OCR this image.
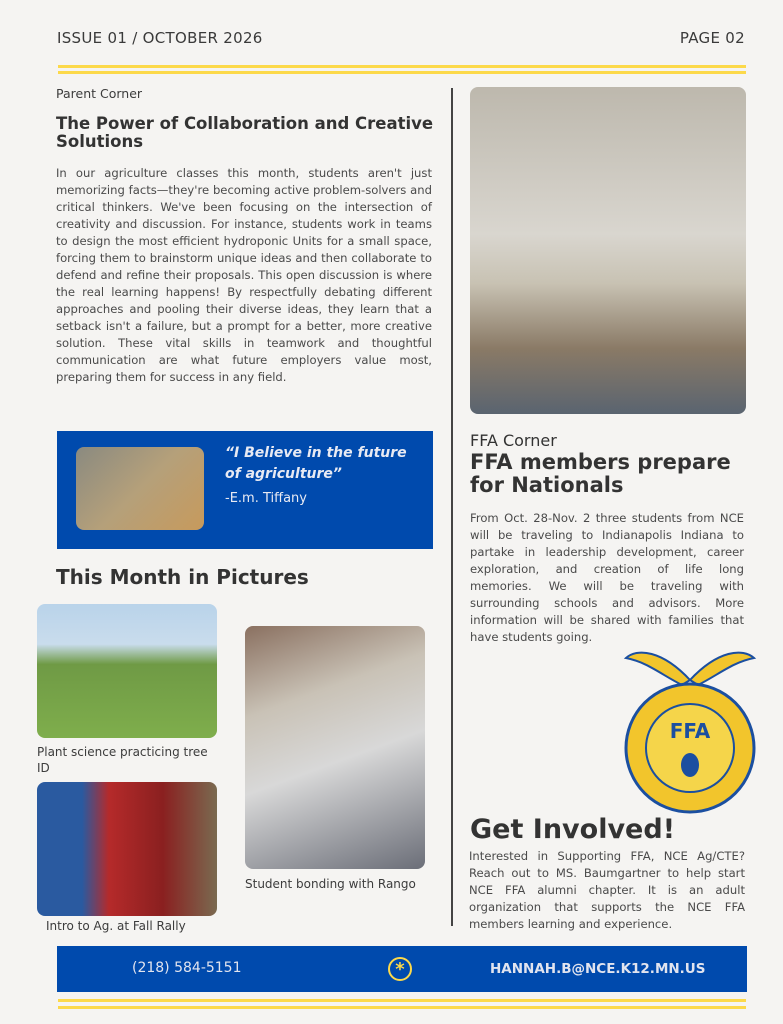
ISSUE 01 / OCTOBER 2026	PAGE 02
Parent Corner
The Power of Collaboration and Creative Solutions

In our agriculture classes this month, students aren't just memorizing facts—they're becoming active problem-solvers and critical thinkers. We've been focusing on the intersection of creativity and discussion. For instance, students work in teams to design the most efficient hydroponic Units for a small space, forcing them to brainstorm unique ideas and then collaborate to defend and refine their proposals. This open discussion is where the real learning happens! By respectfully debating different approaches and pooling their diverse ideas, they learn that a setback isn't a failure, but a prompt for a better, more creative solution. These vital skills in teamwork and thoughtful communication are what future employers value most, preparing them for success in any field.

“I Believe in the future of agriculture”
-E.m. Tiffany
This Month in Pictures
Plant science practicing tree ID
Intro to Ag. at Fall Rally
Student bonding with Rango
FFA Corner
FFA members prepare for Nationals

From Oct. 28-Nov. 2 three students from NCE will be traveling to Indianapolis Indiana to partake in leadership development, career exploration, and creation of life long memories. We will be traveling with surrounding schools and advisors. More information will be shared with families that have students going.

FFA
Get Involved!

Interested in Supporting FFA, NCE Ag/CTE? Reach out to MS. Baumgartner to help start NCE FFA alumni chapter. It is an adult organization that supports the NCE FFA members learning and experience.

(218) 584-5151	*	HANNAH.B@NCE.K12.MN.US
